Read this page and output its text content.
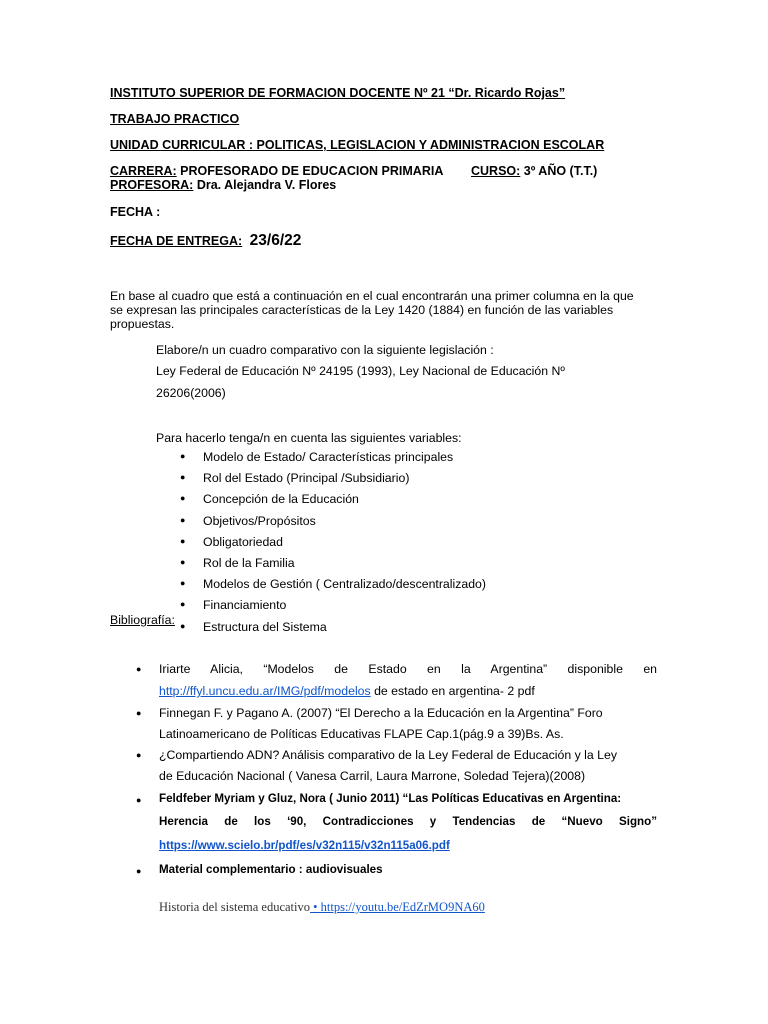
INSTITUTO SUPERIOR DE FORMACION DOCENTE Nº 21 “Dr. Ricardo Rojas”
TRABAJO PRACTICO
UNIDAD CURRICULAR : POLITICAS, LEGISLACION Y ADMINISTRACION ESCOLAR
CARRERA: PROFESORADO DE EDUCACION PRIMARIA CURSO: 3º AÑO (T.T.)
PROFESORA: Dra. Alejandra V. Flores
FECHA :
FECHA DE ENTREGA: 23/6/22
En base al cuadro que está a continuación en el cual encontrarán una primer columna en la que se expresan las principales características de la Ley 1420 (1884) en función de las variables propuestas.
Elabore/n un cuadro comparativo con la siguiente legislación :
Ley Federal de Educación Nº 24195 (1993), Ley Nacional de Educación Nº
26206(2006)
Para hacerlo tenga/n en cuenta las siguientes variables:
● Modelo de Estado/ Características principales
● Rol del Estado (Principal /Subsidiario)
● Concepción de la Educación
● Objetivos/Propósitos
● Obligatoriedad
● Rol de la Familia
● Modelos de Gestión ( Centralizado/descentralizado)
● Financiamiento
● Estructura del Sistema
Bibliografía:
● Iriarte Alicia, “Modelos de Estado en la Argentina” disponible en
http://ffyl.uncu.edu.ar/IMG/pdf/modelos de estado en argentina- 2 pdf
● Finnegan F. y Pagano A. (2007) “El Derecho a la Educación en la Argentina” Foro
Latinoamericano de Políticas Educativas FLAPE Cap.1(pág.9 a 39)Bs. As.
● ¿Compartiendo ADN? Análisis comparativo de la Ley Federal de Educación y la Ley
de Educación Nacional ( Vanesa Carril, Laura Marrone, Soledad Tejera)(2008)
● Feldfeber Myriam y Gluz, Nora ( Junio 2011) “Las Políticas Educativas en Argentina:
Herencia de los ‘90, Contradicciones y Tendencias de “Nuevo Signo”
https://www.scielo.br/pdf/es/v32n115/v32n115a06.pdf
● Material complementario : audiovisuales
Historia del sistema educativo • https://youtu.be/EdZrMO9NA60
